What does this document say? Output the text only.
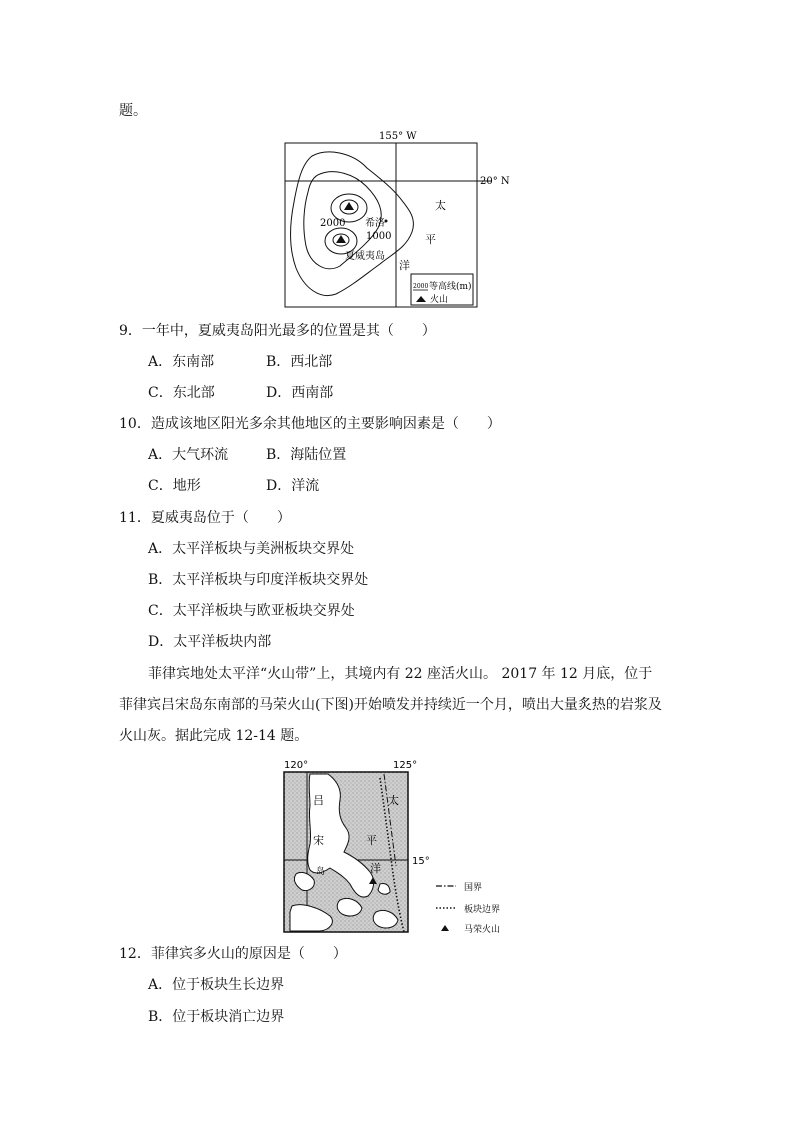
题。
155° W
20° N
2000
1000
希洛
夏威夷岛
太
平
洋
2000 等高线(m)
火山
9．一年中，夏威夷岛阳光最多的位置是其（　　）
A．东南部	B．西北部
C．东北部	D．西南部
10．造成该地区阳光多余其他地区的主要影响因素是（　　）
A．大气环流	B．海陆位置
C．地形	D．洋流
11．夏威夷岛位于（　　）
A．太平洋板块与美洲板块交界处
B．太平洋板块与印度洋板块交界处
C．太平洋板块与欧亚板块交界处
D．太平洋板块内部
菲律宾地处太平洋“火山带”上，其境内有 22 座活火山。 2017 年 12 月底，位于
菲律宾吕宋岛东南部的马荣火山(下图)开始喷发并持续近一个月，喷出大量炙热的岩浆及
火山灰。据此完成 12-14 题。
120°	125°
15°
吕
宋
岛
太
平
洋
国界
板块边界
马荣火山
12．菲律宾多火山的原因是（　　）
A．位于板块生长边界
B．位于板块消亡边界
